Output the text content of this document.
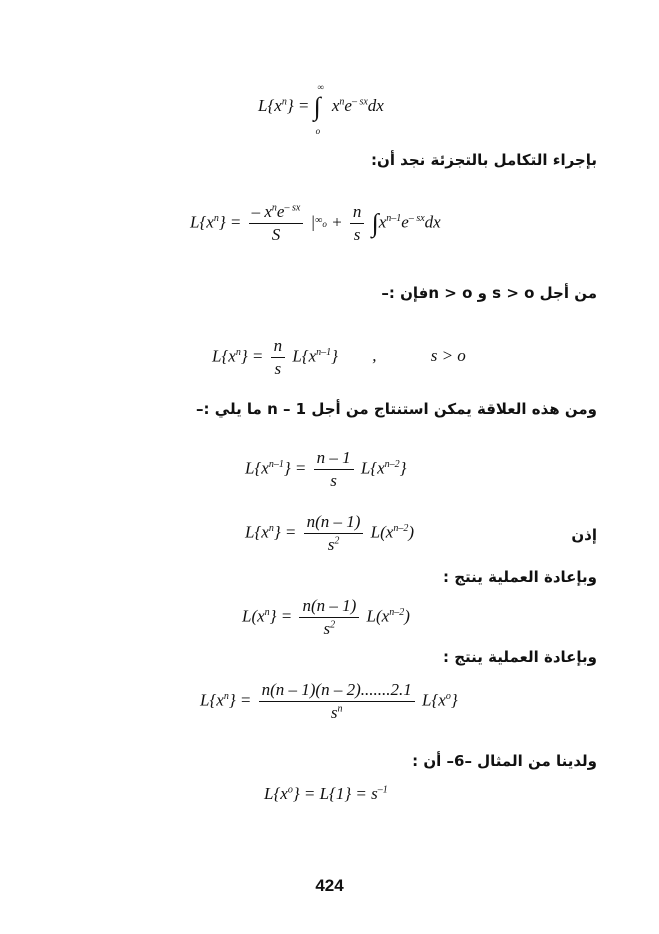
$L\{x^n\}$ =
∞
∫
o
$x^ne^{- sx}dx$
بإجراء التكامل بالتجزئة نجد أن:
$L\{x^n\} = \frac{- x^ne^{- sx}}{S} |^\infty o + \frac{n}{s} \int x^{n-1}e^{- sx}dx$
من أجل s > o و n > oفإن :–
$L\{x^n\} = \frac{n}{s} L\{x^{n-1}\}$ ,	s > o
ومن هذه العلاقة يمكن استنتاج من أجل n – 1 ما يلي :–
$L\{x^{n-1}\} = \frac{n - 1}{s} L\{x^{n-2}\}$
$L\{x^n\} = \frac{n(n - 1)}{s^2} L(x^{n-2})$	إذن
وبإعادة العملية ينتج :
$L(x^n\} = \frac{n(n - 1)}{s^2} L(x^{n-2})$
وبإعادة العملية ينتج :
$L\{x^n\} = \frac{n(n - 1)(n - 2).......2.1}{s^n} L\{x^o\}$
ولدينا من المثال –6– أن :
$L\{x^o\} = L\{1\} = s^{-1}$
424
